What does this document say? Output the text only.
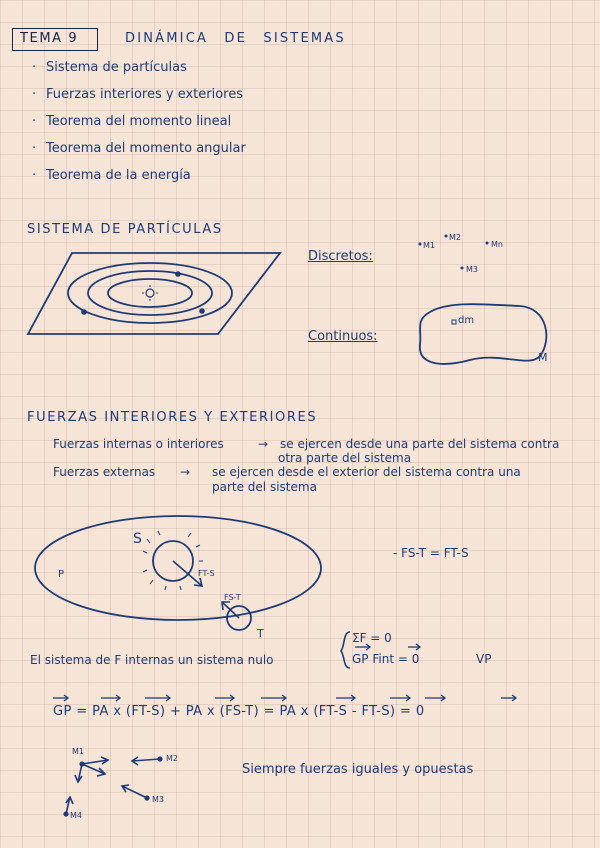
TEMA 9	DINÁMICA DE SISTEMAS
· Sistema de partículas
· Fuerzas interiores y exteriores
· Teorema del momento lineal
· Teorema del momento angular
· Teorema de la energía
SISTEMA DE PARTÍCULAS
Discretos:
M1
M2
Mn
M3
Continuos:
dm
M
FUERZAS INTERIORES Y EXTERIORES
Fuerzas internas o interiores	→ se ejercen desde una parte del sistema contra
otra parte del sistema
Fuerzas externas → se ejercen desde el exterior del sistema contra una
parte del sistema
S
T
P	FT-S
FS-T
- FS-T = FT-S
El sistema de F internas un sistema nulo
ΣF = 0
GP Fint = 0	VP
GP = PA x (FT-S) + PA x (FS-T) = PA x (FT-S - FT-S) = 0
M1
M2
M3
M4
Siempre fuerzas iguales y opuestas
